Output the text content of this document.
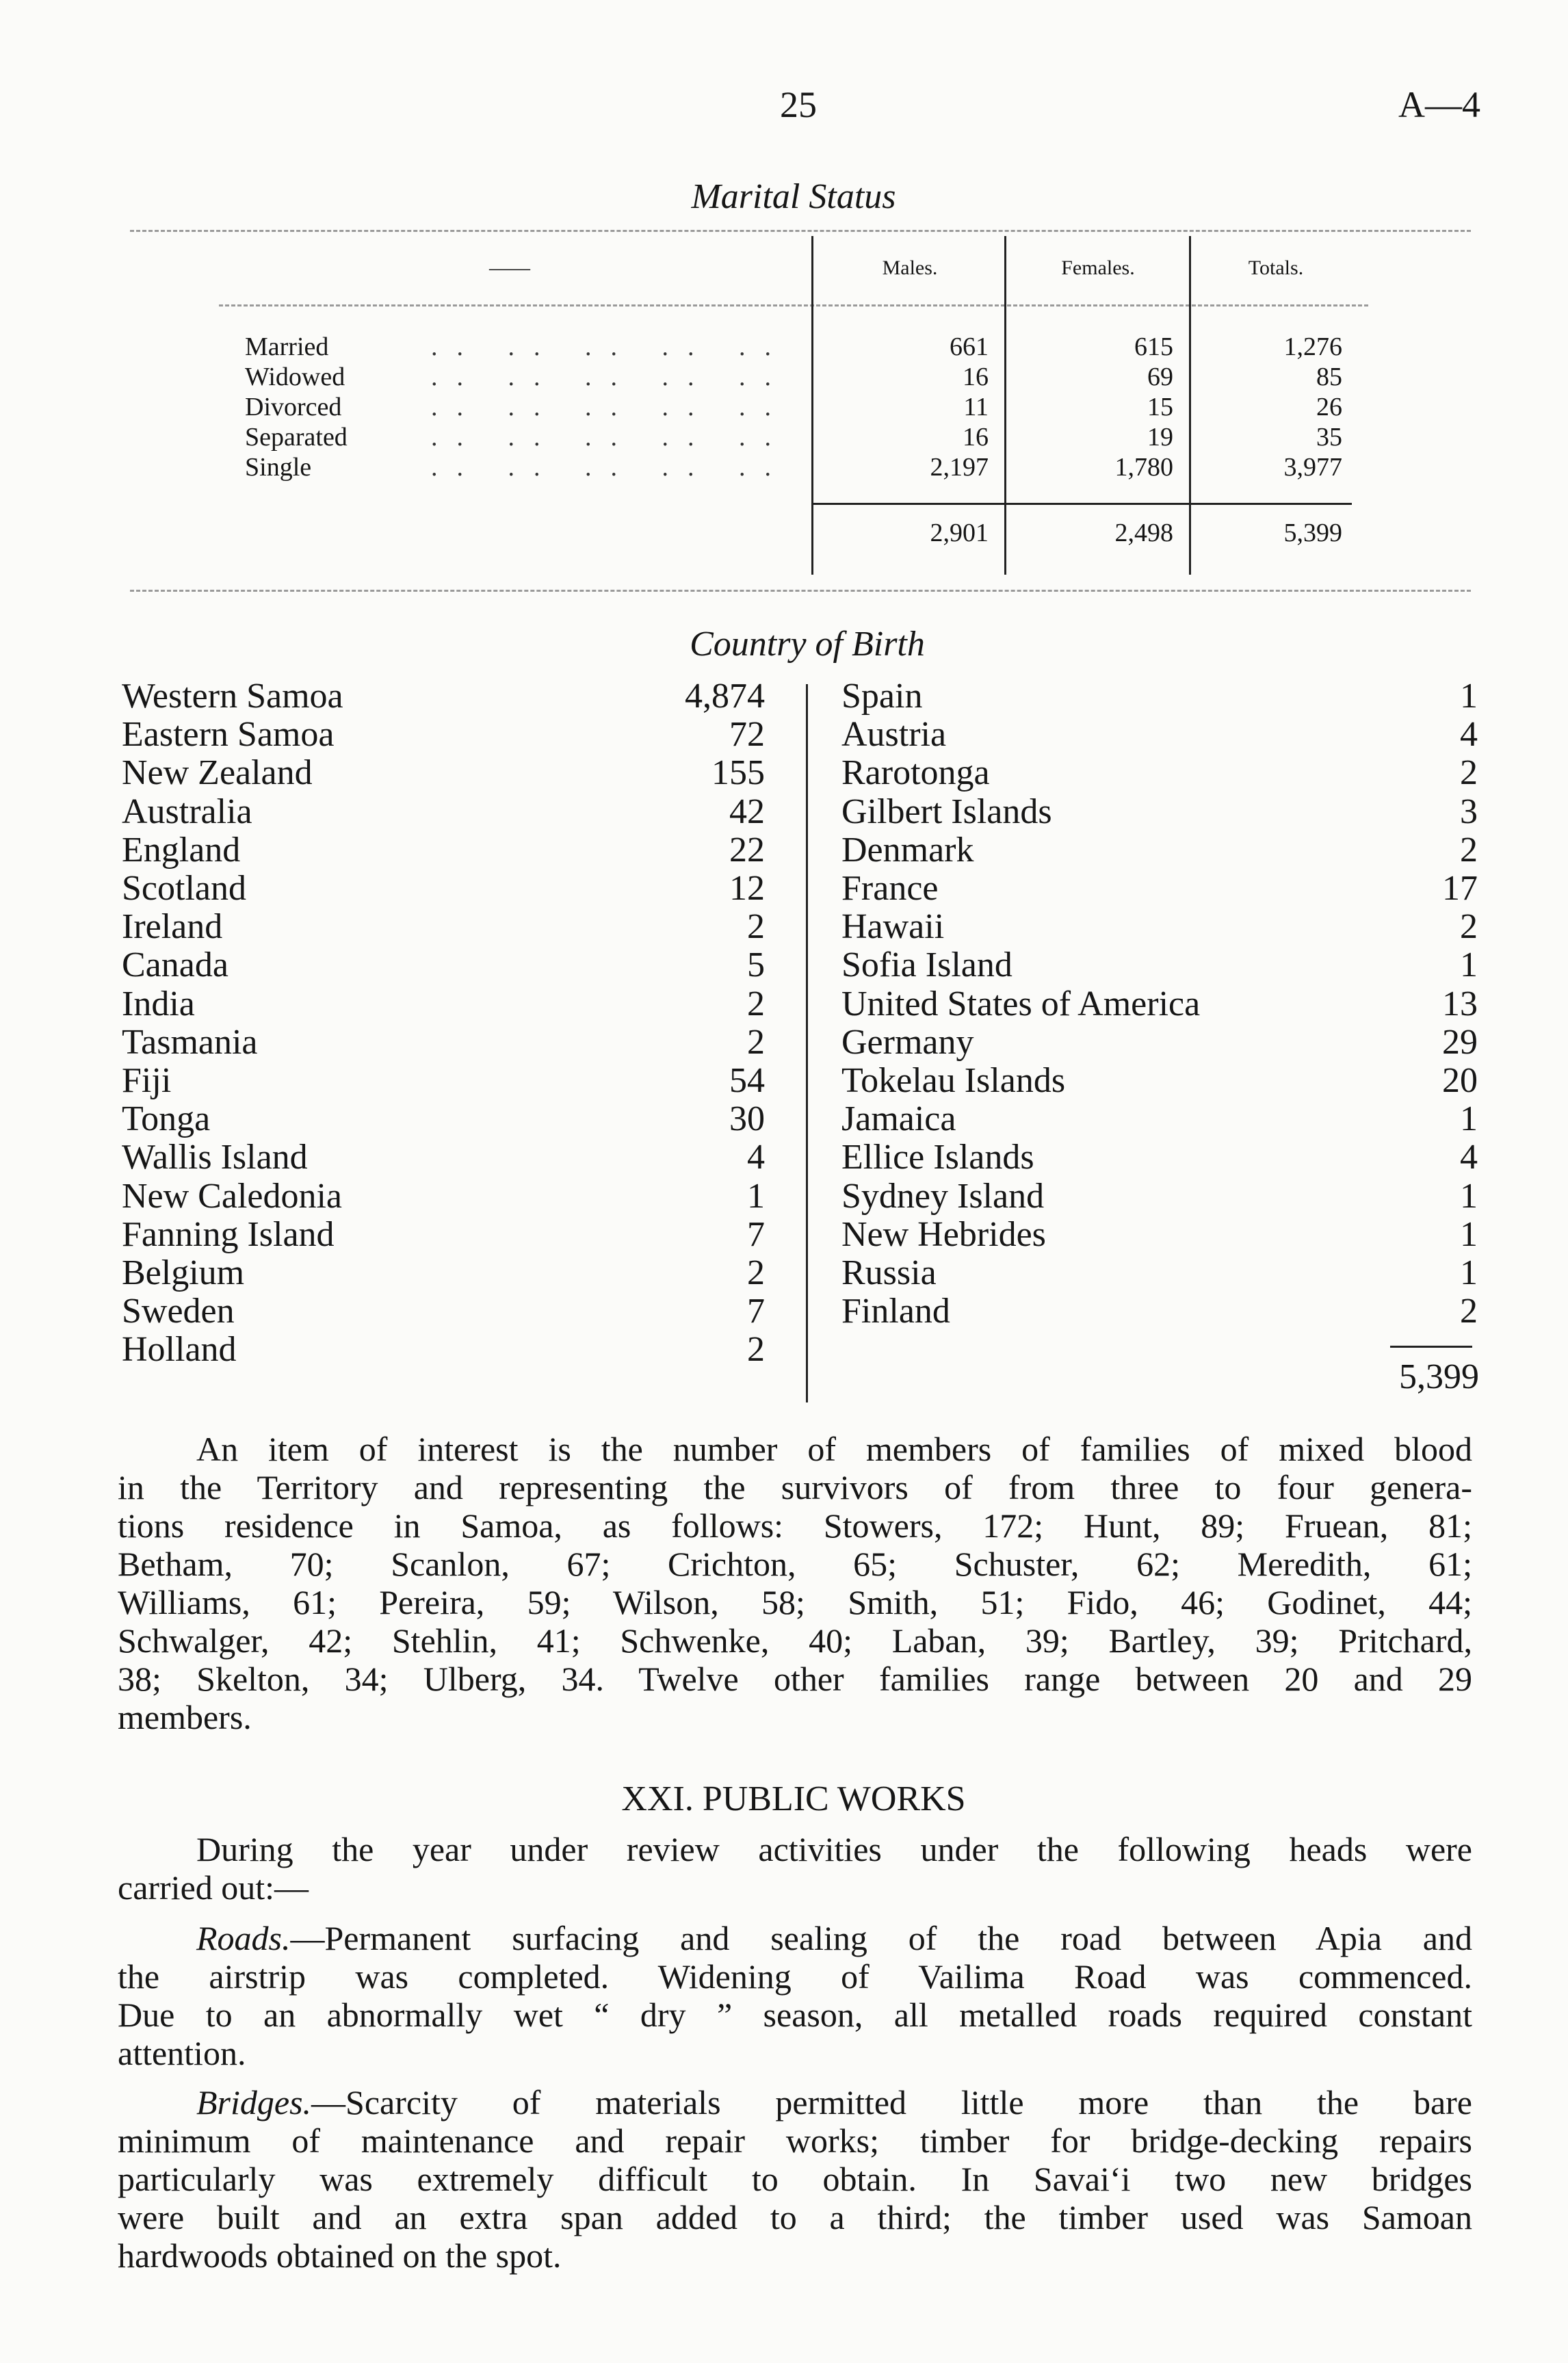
25	A—4
Marital Status
——	Males.	Females.	Totals.
Married	.. .. .. .. ..	661	615	1,276
Widowed	.. .. .. .. ..	16	69	85
Divorced	.. .. .. .. ..	11	15	26
Separated	.. .. .. .. ..	16	19	35
Single	.. .. .. .. ..	2,197	1,780	3,977
2,901	2,498	5,399
Country of Birth
Western Samoa	4,874
Eastern Samoa	72
New Zealand	155
Australia	42
England	22
Scotland	12
Ireland	2
Canada	5
India	2
Tasmania	2
Fiji	54
Tonga	30
Wallis Island	4
New Caledonia	1
Fanning Island	7
Belgium	2
Sweden	7
Holland	2
Spain	1
Austria	4
Rarotonga	2
Gilbert Islands	3
Denmark	2
France	17
Hawaii	2
Sofia Island	1
United States of America	13
Germany	29
Tokelau Islands	20
Jamaica	1
Ellice Islands	4
Sydney Island	1
New Hebrides	1
Russia	1
Finland	2
5,399
An item of interest is the number of members of families of mixed blood
in the Territory and representing the survivors of from three to four genera-
tions residence in Samoa, as follows: Stowers, 172; Hunt, 89; Fruean, 81;
Betham, 70; Scanlon, 67; Crichton, 65; Schuster, 62; Meredith, 61;
Williams, 61; Pereira, 59; Wilson, 58; Smith, 51; Fido, 46; Godinet, 44;
Schwalger, 42; Stehlin, 41; Schwenke, 40; Laban, 39; Bartley, 39; Pritchard,
38; Skelton, 34; Ulberg, 34. Twelve other families range between 20 and 29
members.
XXI. PUBLIC WORKS
During the year under review activities under the following heads were
carried out:—
Roads.—Permanent surfacing and sealing of the road between Apia and
the airstrip was completed. Widening of Vailima Road was commenced.
Due to an abnormally wet “ dry ” season, all metalled roads required constant
attention.
Bridges.—Scarcity of materials permitted little more than the bare
minimum of maintenance and repair works; timber for bridge-decking repairs
particularly was extremely difficult to obtain. In Savai‘i two new bridges
were built and an extra span added to a third; the timber used was Samoan
hardwoods obtained on the spot.
